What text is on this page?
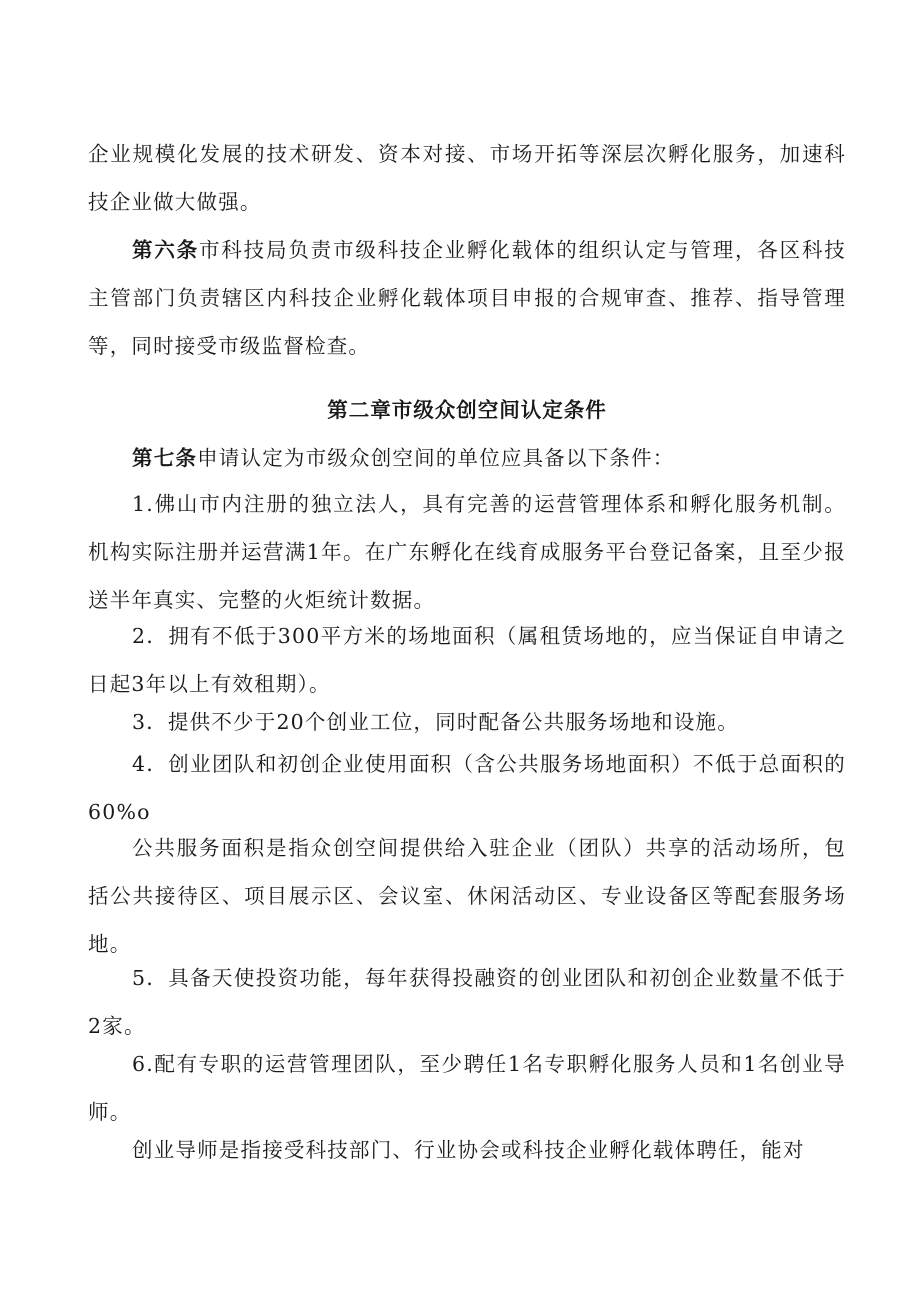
企业规模化发展的技术研发、资本对接、市场开拓等深层次孵化服务，加速科技企业做大做强。

第六条市科技局负责市级科技企业孵化载体的组织认定与管理，各区科技主管部门负责辖区内科技企业孵化载体项目申报的合规审查、推荐、指导管理等，同时接受市级监督检查。

第二章市级众创空间认定条件

第七条申请认定为市级众创空间的单位应具备以下条件：

1.佛山市内注册的独立法人，具有完善的运营管理体系和孵化服务机制。机构实际注册并运营满1年。在广东孵化在线育成服务平台登记备案，且至少报送半年真实、完整的火炬统计数据。

2．拥有不低于300平方米的场地面积（属租赁场地的，应当保证自申请之日起3年以上有效租期）。

3．提供不少于20个创业工位，同时配备公共服务场地和设施。

4．创业团队和初创企业使用面积（含公共服务场地面积）不低于总面积的60%o

公共服务面积是指众创空间提供给入驻企业（团队）共享的活动场所，包括公共接待区、项目展示区、会议室、休闲活动区、专业设备区等配套服务场地。

5．具备天使投资功能，每年获得投融资的创业团队和初创企业数量不低于2家。

6.配有专职的运营管理团队，至少聘任1名专职孵化服务人员和1名创业导师。

创业导师是指接受科技部门、行业协会或科技企业孵化载体聘任，能对
